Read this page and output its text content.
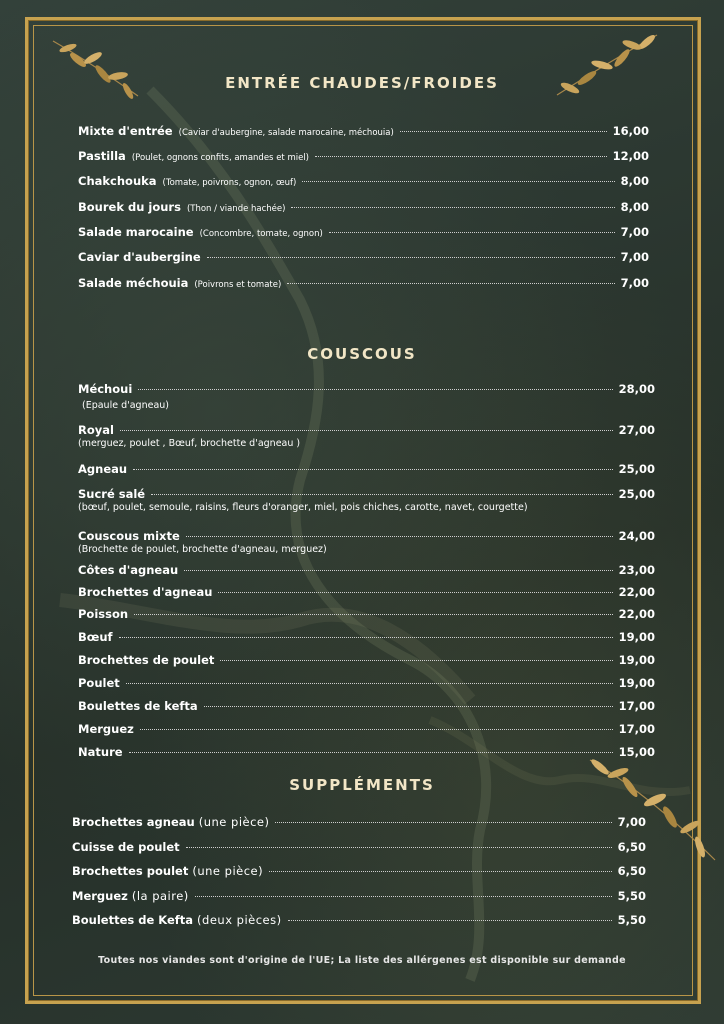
ENTRÉE CHAUDES/FROIDES
Mixte d'entrée (Caviar d'aubergine, salade marocaine, méchouia)	16,00
Pastilla (Poulet, ognons confits, amandes et miel)	12,00
Chakchouka (Tomate, poivrons, ognon, œuf)	8,00
Bourek du jours (Thon / viande hachée)	8,00
Salade marocaine (Concombre, tomate, ognon)	7,00
Caviar d'aubergine	7,00
Salade méchouia (Poivrons et tomate)	7,00
COUSCOUS
Méchoui	28,00
(Epaule d'agneau)
Royal	27,00
(merguez, poulet , Bœuf, brochette d'agneau )
Agneau	25,00
Sucré salé	25,00
(bœuf, poulet, semoule, raisins, fleurs d'oranger, miel, pois chiches, carotte, navet, courgette)
Couscous mixte	24,00
(Brochette de poulet, brochette d'agneau, merguez)
Côtes d'agneau	23,00
Brochettes d'agneau	22,00
Poisson	22,00
Bœuf	19,00
Brochettes de poulet	19,00
Poulet	19,00
Boulettes de kefta	17,00
Merguez	17,00
Nature	15,00
SUPPLÉMENTS
Brochettes agneau (une pièce)	7,00
Cuisse de poulet	6,50
Brochettes poulet (une pièce)	6,50
Merguez (la paire)	5,50
Boulettes de Kefta (deux pièces)	5,50
Toutes nos viandes sont d'origine de l'UE; La liste des allérgenes est disponible sur demande
